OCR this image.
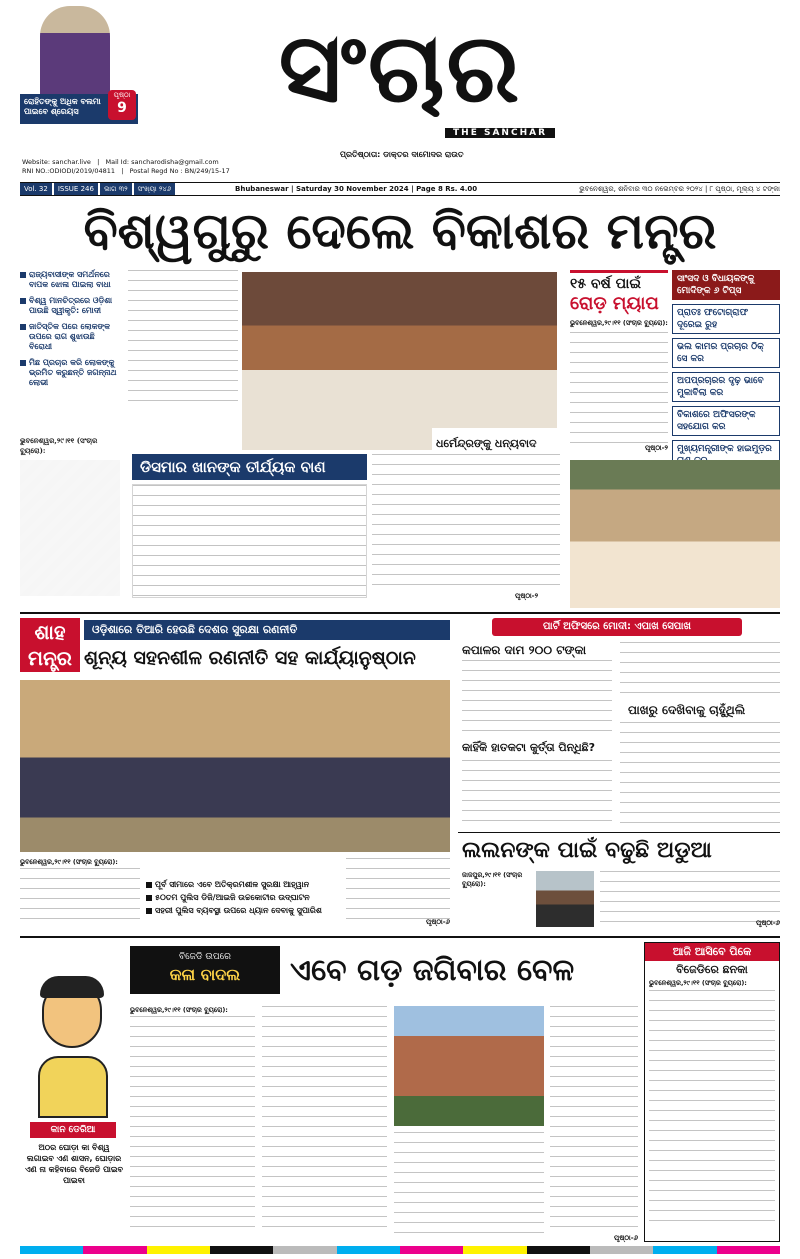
ରୋହିତଙ୍କୁ ଅଧିକ ବଲମା ପାଇବେ ଶ୍ରେୟସ
ପୃଷ୍ଠା
9	ସଂଚାର
THE SANCHAR
ପ୍ରତିଷ୍ଠାତା: ଡାକ୍ତର ଦାମୋଦର ରାଉତ
Website: sanchar.live   |   Mail Id: sancharodisha@gmail.com
RNI NO.:ODIODI/2019/04811   |   Postal Regd No : BN/249/15-17
Vol. 32	ISSUE 246	ଭାଗ ୩୨	ସଂଖ୍ୟା ୨୪୬	Bhubaneswar | Saturday 30 November 2024 | Page 8 Rs. 4.00	ଭୁବନେଶ୍ୱର, ଶନିବାର ୩୦ ନଭେମ୍ବର ୨୦୨୪ | ୮ ପୃଷ୍ଠା, ମୂଲ୍ୟ ୪ ଟଙ୍କା
ବିଶ୍ୱଗୁରୁ ଦେଲେ ବିକାଶର ମନ୍ତ୍ର
ରାଜ୍ୟବାସୀଙ୍କ ସମର୍ଥନରେ ବାପକ ଝୋଳା ପାଇଲା ବାଧା
ବିଶ୍ୱ ମାନଚିତ୍ରରେ ଓଡ଼ିଶା ପାଉଛି ସ୍ୱୀକୃତି: ମୋଦୀ
ଜାତିସ୍ତିକ ପରେ ଲୋକଙ୍କ ଉପରେ ରାଗ ଶୁଝାଉଛି ବିରୋଧୀ
ମିଛ ପ୍ରଚାର କରି ଲୋକଙ୍କୁ ଭ୍ରମିତ କରୁଛନ୍ତି ଜଗନ୍ନାଥ ଲୋଭୀ
ଭୁବନେଶ୍ୱର,୨୯।୧୧ (ସଂଚାର ବ୍ୟୁରୋ):
ଧର୍ମେନ୍ଦ୍ରଙ୍କୁ ଧନ୍ୟବାଦ
ଡିସମାର ଖାନଙ୍କ ତୀର୍ଯ୍ୟକ ବାଣ
ପୃଷ୍ଠା-୨
୧୫ ବର୍ଷ ପାଇଁ
ରୋଡ଼ ମ୍ୟାପ
ଭୁବନେଶ୍ୱର,୨୯।୧୧ (ସଂଚାର ବ୍ୟୁରୋ):
ପୃଷ୍ଠା-୨
ସାଂସଦ ଓ ବିଧାୟକଙ୍କୁ ମୋଦିଙ୍କ ୬ ଟିପ୍ସ
ପ୍ରାତଃ ଫଟୋଗ୍ରାଫ ଦୂରେଇ ରୁହ
ଭଲ କାମର ପ୍ରଚାର ଠିକ୍ ସେ କର
ଅପପ୍ରଚାରର ଦୃଢ଼ ଭାବେ ମୁକାବିଲା କର
ବିକାଶରେ ଅଫିସରଙ୍କ ସହଯୋଗ କର
ମୁଖ୍ୟମନ୍ତ୍ରୀଙ୍କ ହାଇମୁଡ଼ର
ଶାହ ମନ୍ତ୍ର
ଓଡ଼ିଶାରେ ତିଆରି ହେଉଛି ଦେଶର ସୁରକ୍ଷା ରଣନୀତି
ଶୂନ୍ୟ ସହନଶୀଳ ରଣନୀତି ସହ କାର୍ଯ୍ୟାନୁଷ୍ଠାନ
ଭୁବନେଶ୍ୱର,୨୯।୧୧ (ସଂଚାର ବ୍ୟୁରୋ):
ପୂର୍ବ ସୀମାରେ ଏବେ ଅତିକ୍ରମଶୀଳ ସୁରକ୍ଷା ଆହ୍ୱାନ
୫୦ତମ ପୁଲିସ ଡିଜି/ଆଇଜି ଉଚ୍ଚକୋଟୀର ଉଦ୍‌ଘାଟନ
ସହରୀ ପୁଲିସ ବ୍ୟବସ୍ଥା ଉପରେ ଧ୍ୟାନ ଦେବାକୁ ସୁପାରିଶ
ପୃଷ୍ଠା-୬
ପାର୍ଟି ଅଫିସରେ ମୋଦୀ: ଏପାଖ ସେପାଖ
କପାଳର ଦାମ ୨୦୦ ଟଙ୍କା
ପାଖରୁ ଦେଖିବାକୁ ଚାହୁଁଥିଲି
କାହିଁକି ହାତକଟା କୁର୍ତ୍ତା ପିନ୍ଧିଛି?
ଲଲନଙ୍କ ପାଇଁ ବଢୁଛି ଅଡୁଆ
ଜାଜପୁର,୨୯।୧୧ (ସଂଚାର ବ୍ୟୁରୋ):
ପୃଷ୍ଠା-୬
କାନ ଡେରିଆ
ଅଠର ଘୋଡ଼ା କା ବିଶ୍ୱ ଲଗାଇବ ଏଣ ଶାସନ, ଘୋଡ଼ାର ଏଣ ନା କହିବାରେ ବିଜେଡି ପାଇବ ପାଇବା
ବିଜେଡି ଉପରେ
କଳା ବାଦଲ	ଏବେ ଗଡ଼ ଜଗିବାର ବେଳ
ଭୁବନେଶ୍ୱର,୨୯।୧୧ (ସଂଚାର ବ୍ୟୁରୋ):
ପୃଷ୍ଠା-୬
ଆଜି ଆସିବେ ପିକେ
ବିଜେଡିରେ ଛନକା
ଭୁବନେଶ୍ୱର,୨୯।୧୧ (ସଂଚାର ବ୍ୟୁରୋ):
